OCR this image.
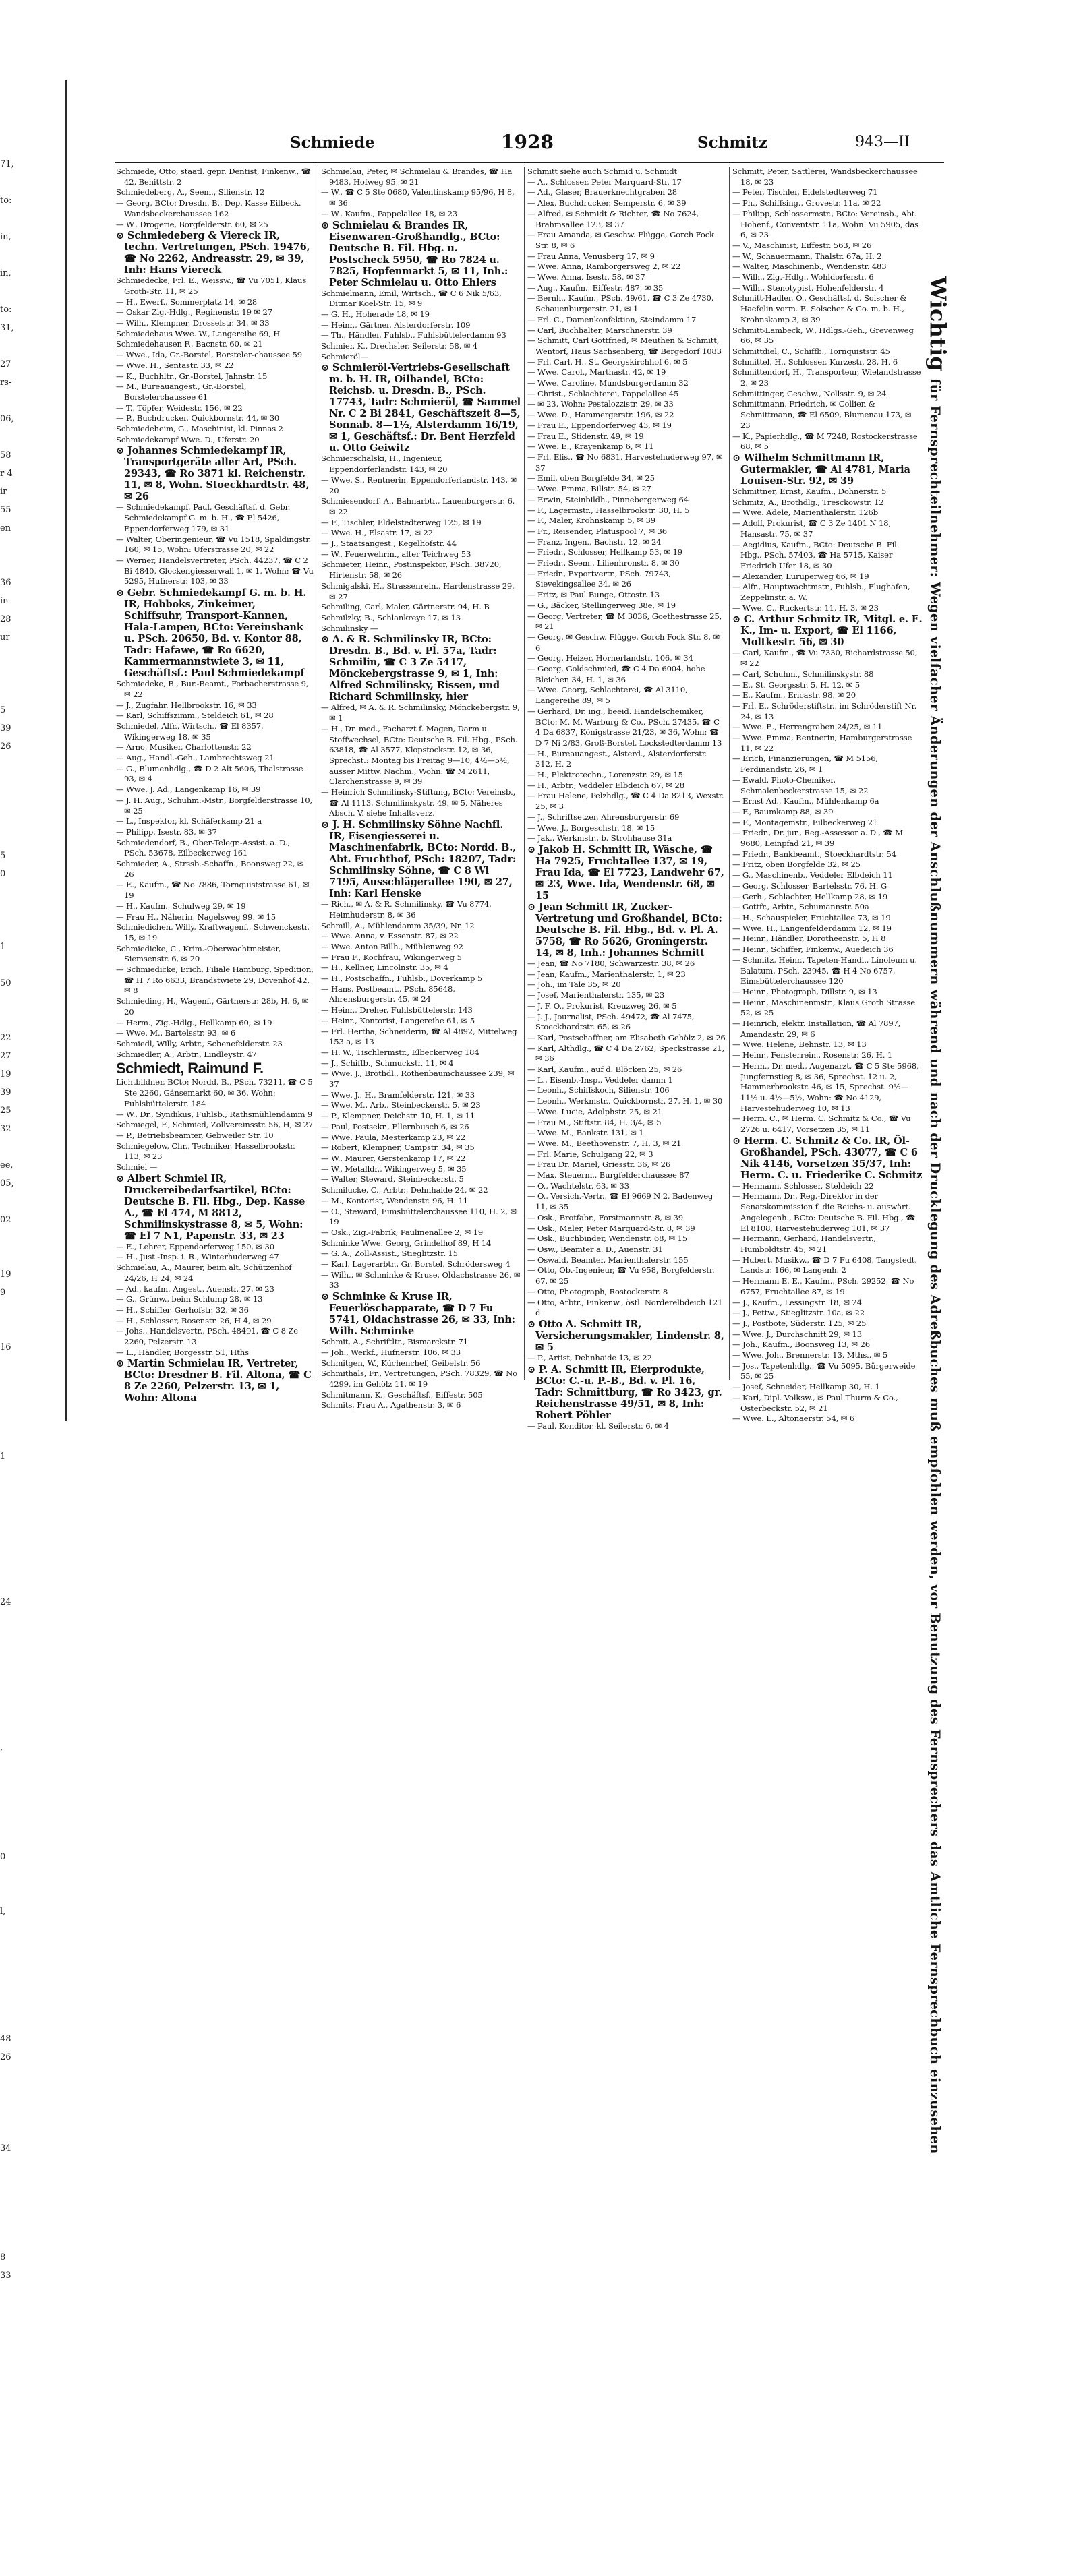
71,

to:

in,

in,

to:
31,

27
rs-

06,

58
r 4
ir
55
en

36
in
28
ur

5
39
26

5
0

1

50

22
27
19
39
25
32

ee,
05,

02

19
9

16

1

24

,

0

l,

48
26

34

8
33

Schmiede	1928	Schmitz	943—II

Schmiede, Otto, staatl. gepr. Dentist, Finkenw., ☎ 42, Benittstr. 2

Schmiedeberg, A., Seem., Silienstr. 12

— Georg, BCto: Dresdn. B., Dep. Kasse Eilbeck. Wandsbeckerchaussee 162

— W., Drogerie, Borgfelderstr. 60, ✉ 25

⊙ Schmiedeberg & Viereck IR, techn. Vertretungen, PSch. 19476, ☎ No 2262, Andreasstr. 29, ✉ 39, Inh: Hans Viereck

Schmiedecke, Frl. E., Weissw., ☎ Vu 7051, Klaus Groth-Str. 11, ✉ 25

— H., Ewerf., Sommerplatz 14, ✉ 28

— Oskar Zig.-Hdlg., Reginenstr. 19 ✉ 27

— Wilh., Klempner, Drosselstr. 34, ✉ 33

Schmiedehaus Wwe. W., Langereihe 69, H

Schmiedehausen F., Bacnstr. 60, ✉ 21

— Wwe., Ida, Gr.-Borstel, Borsteler-chaussee 59

— Wwe. H., Sentastr. 33, ✉ 22

— K., Buchhltr., Gr.-Borstel, Jahnstr. 15

— M., Bureauangest., Gr.-Borstel, Borstelerchaussee 61

— T., Töpfer, Weidestr. 156, ✉ 22

— P., Buchdrucker, Quickbornstr. 44, ✉ 30

Schmiedeheim, G., Maschinist, kl. Pinnas 2

Schmiedekampf Wwe. D., Uferstr. 20

⊙ Johannes Schmiedekampf IR, Transportgeräte aller Art, PSch. 29343, ☎ Ro 3871 kl. Reichenstr. 11, ✉ 8, Wohn. Stoeckhardtstr. 48, ✉ 26

— Schmiedekampf, Paul, Geschäftsf. d. Gebr. Schmiedekampf G. m. b. H., ☎ El 5426, Eppendorferweg 179, ✉ 31

— Walter, Oberingenieur, ☎ Vu 1518, Spaldingstr. 160, ✉ 15, Wohn: Uferstrasse 20, ✉ 22

— Werner, Handelsvertreter, PSch. 44237, ☎ C 2 Bi 4840, Glockengiesserwall 1, ✉ 1, Wohn: ☎ Vu 5295, Hufnerstr. 103, ✉ 33

⊙ Gebr. Schmiedekampf G. m. b. H. IR, Hobboks, Zinkeimer, Schiffsuhr, Transport-Kannen, Hala-Lampen, BCto: Vereinsbank u. PSch. 20650, Bd. v. Kontor 88, Tadr: Hafawe, ☎ Ro 6620, Kammermannstwiete 3, ✉ 11, Geschäftsf.: Paul Schmiedekampf

Schmiedeke, B., Bur.-Beamt., Forbacherstrasse 9, ✉ 22

— J., Zugfahr. Hellbrookstr. 16, ✉ 33

— Karl, Schiffszimm., Steldeich 61, ✉ 28

Schmiedel, Alfr., Wirtsch., ☎ El 8357, Wikingerweg 18, ✉ 35

— Arno, Musiker, Charlottenstr. 22

— Aug., Handl.-Geh., Lambrechtsweg 21

— G., Blumenhdlg., ☎ D 2 Alt 5606, Thalstrasse 93, ✉ 4

— Wwe. J. Ad., Langenkamp 16, ✉ 39

— J. H. Aug., Schuhm.-Mstr., Borgfelderstrasse 10, ✉ 25

— L., Inspektor, kl. Schäferkamp 21 a

— Philipp, Isestr. 83, ✉ 37

Schmiedendorf, B., Ober-Telegr.-Assist. a. D., PSch. 53678, Eilbeckerweg 161

Schmieder, A., Strssb.-Schaffn., Boonsweg 22, ✉ 26

— E., Kaufm., ☎ No 7886, Tornquiststrasse 61, ✉ 19

— H., Kaufm., Schulweg 29, ✉ 19

— Frau H., Näherin, Nagelsweg 99, ✉ 15

Schmiedichen, Willy, Kraftwagenf., Schwenckestr. 15, ✉ 19

Schmiedicke, C., Krim.-Oberwachtmeister, Siemsenstr. 6, ✉ 20

— Schmiedicke, Erich, Filiale Hamburg, Spedition, ☎ H 7 Ro 6633, Brandstwiete 29, Dovenhof 42, ✉ 8

Schmieding, H., Wagenf., Gärtnerstr. 28b, H. 6, ✉ 20

— Herm., Zig.-Hdlg., Hellkamp 60, ✉ 19

— Wwe. M., Bartelsstr. 93, ✉ 6

Schmiedl, Willy, Arbtr., Schenefelderstr. 23

Schmiedler, A., Arbtr., Lindleystr. 47

Schmiedt, Raimund F.

Lichtbildner, BCto: Nordd. B., PSch. 73211, ☎ C 5 Ste 2260, Gänsemarkt 60, ✉ 36, Wohn: Fuhlsbüttelerstr. 184

— W., Dr., Syndikus, Fuhlsb., Rathsmühlendamm 9

Schmiegel, F., Schmied, Zollvereinsstr. 56, H, ✉ 27

— P., Betriebsbeamter, Gebweiler Str. 10

Schmiegelow, Chr., Techniker, Hasselbrookstr. 113, ✉ 23

Schmiel —

⊙ Albert Schmiel IR, Druckereibedarfsartikel, BCto: Deutsche B. Fil. Hbg., Dep. Kasse A., ☎ El 474, M 8812, Schmilinskystrasse 8, ✉ 5, Wohn: ☎ El 7 N1, Papenstr. 33, ✉ 23

— E., Lehrer, Eppendorferweg 150, ✉ 30

— H., Just.-Insp. i. R., Winterhuderweg 47

Schmielau, A., Maurer, beim alt. Schützenhof 24/26, H 24, ✉ 24

— Ad., kaufm. Angest., Auenstr. 27, ✉ 23

— G., Grünw., beim Schlump 28, ✉ 13

— H., Schiffer, Gerhofstr. 32, ✉ 36

— H., Schlosser, Rosenstr. 26, H 4, ✉ 29

— Johs., Handelsvertr., PSch. 48491, ☎ C 8 Ze 2260, Pelzerstr. 13

— L., Händler, Borgesstr. 51, Hths

⊙ Martin Schmielau IR, Vertreter, BCto: Dresdner B. Fil. Altona, ☎ C 8 Ze 2260, Pelzerstr. 13, ✉ 1, Wohn: Altona

Schmielau, Peter, ✉ Schmielau & Brandes, ☎ Ha 9483, Hofweg 95, ✉ 21

— W., ☎ C 5 Ste 0680, Valentinskamp 95/96, H 8, ✉ 36

— W., Kaufm., Pappelallee 18, ✉ 23

⊙ Schmielau & Brandes IR, Eisenwaren-Großhandlg., BCto: Deutsche B. Fil. Hbg. u. Postscheck 5950, ☎ Ro 7824 u. 7825, Hopfenmarkt 5, ✉ 11, Inh.: Peter Schmielau u. Otto Ehlers

Schmielmann, Emil, Wirtsch., ☎ C 6 Nik 5/63, Ditmar Koel-Str. 15, ✉ 9

— G. H., Hoherade 18, ✉ 19

— Heinr., Gärtner, Alsterdorferstr. 109

— Th., Händler, Fuhlsb., Fuhlsbüttelerdamm 93

Schmier, K., Drechsler, Seilerstr. 58, ✉ 4

Schmieröl—

⊙ Schmieröl-Vertriebs-Gesellschaft m. b. H. IR, Oilhandel, BCto: Reichsb. u. Dresdn. B., PSch. 17743, Tadr: Schmieröl, ☎ Sammel Nr. C 2 Bi 2841, Geschäftszeit 8—5, Sonnab. 8—1½, Alsterdamm 16/19, ✉ 1, Geschäftsf.: Dr. Bent Herzfeld u. Otto Geiwitz

Schmierschalski, H., Ingenieur, Eppendorferlandstr. 143, ✉ 20

— Wwe. S., Rentnerin, Eppendorferlandstr. 143, ✉ 20

Schmiesendorf, A., Bahnarbtr., Lauenburgerstr. 6, ✉ 22

— F., Tischler, Eldelstedterweg 125, ✉ 19

— Wwe. H., Elsastr. 17, ✉ 22

— J., Staatsangest., Kegelhofstr. 44

— W., Feuerwehrm., alter Teichweg 53

Schmieter, Heinr., Postinspektor, PSch. 38720, Hirtenstr. 58, ✉ 26

Schmigalski, H., Strassenrein., Hardenstrasse 29, ✉ 27

Schmiling, Carl, Maler, Gärtnerstr. 94, H. B

Schmilzky, B., Schlankreye 17, ✉ 13

Schmilinsky —

⊙ A. & R. Schmilinsky IR, BCto: Dresdn. B., Bd. v. Pl. 57a, Tadr: Schmilin, ☎ C 3 Ze 5417, Mönckebergstrasse 9, ✉ 1, Inh: Alfred Schmilinsky, Rissen, und Richard Schmilinsky, hier

— Alfred, ✉ A. & R. Schmilinsky, Mönckebergstr. 9, ✉ 1

— H., Dr. med., Facharzt f. Magen, Darm u. Stoffwechsel, BCto: Deutsche B. Fil. Hbg., PSch. 63818, ☎ Al 3577, Klopstockstr. 12, ✉ 36, Sprechst.: Montag bis Freitag 9—10, 4½—5½, ausser Mittw. Nachm., Wohn: ☎ M 2611, Clarchenstrasse 9, ✉ 39

— Heinrich Schmilinsky-Stiftung, BCto: Vereinsb., ☎ Al 1113, Schmilinskystr. 49, ✉ 5, Näheres Absch. V. siehe Inhaltsverz.

⊙ J. H. Schmilinsky Söhne Nachfl. IR, Eisengiesserei u. Maschinenfabrik, BCto: Nordd. B., Abt. Fruchthof, PSch: 18207, Tadr: Schmilinsky Söhne, ☎ C 8 Wi 7195, Ausschlägerallee 190, ✉ 27, Inh: Karl Henske

— Rich., ✉ A. & R. Schmilinsky, ☎ Vu 8774, Heimhuderstr. 8, ✉ 36

Schmill, A., Mühlendamm 35/39, Nr. 12

— Wwe. Anna, v. Essenstr. 87, ✉ 22

— Wwe. Anton Billh., Mühlenweg 92

— Frau F., Kochfrau, Wikingerweg 5

— H., Kellner, Lincolnstr. 35, ✉ 4

— H., Postschaffn., Fuhlsb., Doverkamp 5

— Hans, Postbeamt., PSch. 85648, Ahrensburgerstr. 45, ✉ 24

— Heinr., Dreher, Fuhlsbüttelerstr. 143

— Heinr., Kontorist, Langereihe 61, ✉ 5

— Frl. Hertha, Schneiderin, ☎ Al 4892, Mittelweg 153 a, ✉ 13

— H. W., Tischlermstr., Elbeckerweg 184

— J., Schiffb., Schmuckstr. 11, ✉ 4

— Wwe. J., Brothdl., Rothenbaumchaussee 239, ✉ 37

— Wwe. J., H., Bramfelderstr. 121, ✉ 33

— Wwe. M., Arb., Steinbeckerstr. 5, ✉ 23

— P., Klempner, Deichstr. 10, H. 1, ✉ 11

— Paul, Postsekr., Ellernbusch 6, ✉ 26

— Wwe. Paula, Mesterkamp 23, ✉ 22

— Robert, Klempner, Campstr. 34, ✉ 35

— W., Maurer, Gerstenkamp 17, ✉ 22

— W., Metalldr., Wikingerweg 5, ✉ 35

— Walter, Steward, Steinbeckerstr. 5

Schmilucke, C., Arbtr., Dehnhaide 24, ✉ 22

— M., Kontorist, Wendenstr. 96, H. 11

— O., Steward, Eimsbüttelerchaussee 110, H. 2, ✉ 19

— Osk., Zig.-Fabrik, Paulinenallee 2, ✉ 19

Schminke Wwe. Georg, Grindelhof 89, H 14

— G. A., Zoll-Assist., Stieglitzstr. 15

— Karl, Lagerarbtr., Gr. Borstel, Schrödersweg 4

— Wilh., ✉ Schminke & Kruse, Oldachstrasse 26, ✉ 33

⊙ Schminke & Kruse IR, Feuerlöschapparate, ☎ D 7 Fu 5741, Oldachstrasse 26, ✉ 33, Inh: Wilh. Schminke

Schmit, A., Schriftltr., Bismarckstr. 71

— Joh., Werkf., Hufnerstr. 106, ✉ 33

Schmitgen, W., Küchenchef, Geibelstr. 56

Schmithals, Fr., Vertretungen, PSch. 78329, ☎ No 4299, im Gehölz 11, ✉ 19

Schmitmann, K., Geschäftsf., Eiffestr. 505

Schmits, Frau A., Agathenstr. 3, ✉ 6

Schmitt siehe auch Schmid u. Schmidt

— A., Schlosser, Peter Marquard-Str. 17

— Ad., Glaser, Brauerknechtgraben 28

— Alex, Buchdrucker, Semperstr. 6, ✉ 39

— Alfred, ✉ Schmidt & Richter, ☎ No 7624, Brahmsallee 123, ✉ 37

— Frau Amanda, ✉ Geschw. Flügge, Gorch Fock Str. 8, ✉ 6

— Frau Anna, Venusberg 17, ✉ 9

— Wwe. Anna, Ramborgersweg 2, ✉ 22

— Wwe. Anna, Isestr. 58, ✉ 37

— Aug., Kaufm., Eiffestr. 487, ✉ 35

— Bernh., Kaufm., PSch. 49/61, ☎ C 3 Ze 4730, Schauenburgerstr. 21, ✉ 1

— Frl. C., Damenkonfektion, Steindamm 17

— Carl, Buchhalter, Marschnerstr. 39

— Schmitt, Carl Gottfried, ✉ Meuthen & Schmitt, Wentorf, Haus Sachsenberg, ☎ Bergedorf 1083

— Frl. Carl. H., St. Georgskirchhof 6, ✉ 5

— Wwe. Carol., Marthastr. 42, ✉ 19

— Wwe. Caroline, Mundsburgerdamm 32

— Christ., Schlachterei, Pappelallee 45

— ✉ 23, Wohn: Pestalozzistr. 29, ✉ 33

— Wwe. D., Hammergerstr. 196, ✉ 22

— Frau E., Eppendorferweg 43, ✉ 19

— Frau E., Stidenstr. 49, ✉ 19

— Wwe. E., Krayenkamp 6, ✉ 11

— Frl. Elis., ☎ No 6831, Harvestehuderweg 97, ✉ 37

— Emil, oben Borgfelde 34, ✉ 25

— Wwe. Emma, Billstr. 54, ✉ 27

— Erwin, Steinbildh., Pinnebergerweg 64

— F., Lagermstr., Hasselbrookstr. 30, H. 5

— F., Maler, Krohnskamp 5, ✉ 39

— Fr., Reisender, Platuspool 7, ✉ 36

— Franz, Ingen., Bachstr. 12, ✉ 24

— Friedr., Schlosser, Hellkamp 53, ✉ 19

— Friedr., Seem., Lilienhronstr. 8, ✉ 30

— Friedr., Exportvertr., PSch. 79743, Sievekingsallee 34, ✉ 26

— Fritz, ✉ Paul Bunge, Ottostr. 13

— G., Bäcker, Stellingerweg 38e, ✉ 19

— Georg, Vertreter, ☎ M 3036, Goethestrasse 25, ✉ 21

— Georg, ✉ Geschw. Flügge, Gorch Fock Str. 8, ✉ 6

— Georg, Heizer, Hornerlandstr. 106, ✉ 34

— Georg, Goldschmied, ☎ C 4 Da 6004, hohe Bleichen 34, H. 1, ✉ 36

— Wwe. Georg, Schlachterei, ☎ Al 3110, Langereihe 89, ✉ 5

— Gerhard, Dr. ing., beeid. Handelschemiker, BCto: M. M. Warburg & Co., PSch. 27435, ☎ C 4 Da 6837, Königstrasse 21/23, ✉ 36, Wohn: ☎ D 7 Ni 2/83, Groß-Borstel, Lockstedterdamm 13

— H., Bureauangest., Alsterd., Alsterdorferstr. 312, H. 2

— H., Elektrotechn., Lorenzstr. 29, ✉ 15

— H., Arbtr., Veddeler Elbdeich 67, ✉ 28

— Frau Helene, Pelzhdlg., ☎ C 4 Da 8213, Wexstr. 25, ✉ 3

— J., Schriftsetzer, Ahrensburgerstr. 69

— Wwe. J., Borgeschstr. 18, ✉ 15

— Jak., Werkmstr., b. Strohhause 31a

⊙ Jakob H. Schmitt IR, Wäsche, ☎ Ha 7925, Fruchtallee 137, ✉ 19, Frau Ida, ☎ El 7723, Landwehr 67, ✉ 23, Wwe. Ida, Wendenstr. 68, ✉ 15

⊙ Jean Schmitt IR, Zucker-Vertretung und Großhandel, BCto: Deutsche B. Fil. Hbg., Bd. v. Pl. A. 5758, ☎ Ro 5626, Groningerstr. 14, ✉ 8, Inh.: Johannes Schmitt

— Jean, ☎ No 7180, Schwarzestr. 38, ✉ 26

— Jean, Kaufm., Marienthalerstr. 1, ✉ 23

— Joh., im Tale 35, ✉ 20

— Josef, Marienthalerstr. 135, ✉ 23

— J. F. O., Prokurist, Kreuzweg 26, ✉ 5

— J. J., Journalist, PSch. 49472, ☎ Al 7475, Stoeckhardtstr. 65, ✉ 26

— Karl, Postschaffner, am Elisabeth Gehölz 2, ✉ 26

— Karl, Althdlg., ☎ C 4 Da 2762, Speckstrasse 21, ✉ 36

— Karl, Kaufm., auf d. Blöcken 25, ✉ 26

— L., Eisenb.-Insp., Veddeler damm 1

— Leonh., Schiffskoch, Silienstr. 106

— Leonh., Werkmstr., Quickbornstr. 27, H. 1, ✉ 30

— Wwe. Lucie, Adolphstr. 25, ✉ 21

— Frau M., Stiftstr. 84, H. 3/4, ✉ 5

— Wwe. M., Bankstr. 131, ✉ 1

— Wwe. M., Beethovenstr. 7, H. 3, ✉ 21

— Frl. Marie, Schulgang 22, ✉ 3

— Frau Dr. Mariel, Griesstr. 36, ✉ 26

— Max, Steuerm., Burgfelderchaussee 87

— O., Wachtelstr. 63, ✉ 33

— O., Versich.-Vertr., ☎ El 9669 N 2, Badenweg 11, ✉ 35

— Osk., Brotfabr., Forstmannstr. 8, ✉ 39

— Osk., Maler, Peter Marquard-Str. 8, ✉ 39

— Osk., Buchbinder, Wendenstr. 68, ✉ 15

— Osw., Beamter a. D., Auenstr. 31

— Oswald, Beamter, Marienthalerstr. 155

— Otto, Ob.-Ingenieur, ☎ Vu 958, Borgfelderstr. 67, ✉ 25

— Otto, Photograph, Rostockerstr. 8

— Otto, Arbtr., Finkenw., östl. Norderelbdeich 121 d

⊙ Otto A. Schmitt IR, Versicherungsmakler, Lindenstr. 8, ✉ 5

— P., Artist, Dehnhaide 13, ✉ 22

⊙ P. A. Schmitt IR, Eierprodukte, BCto: C.-u. P.-B., Bd. v. Pl. 16, Tadr: Schmittburg, ☎ Ro 3423, gr. Reichenstrasse 49/51, ✉ 8, Inh: Robert Pöhler

— Paul, Konditor, kl. Seilerstr. 6, ✉ 4

Schmitt, Peter, Sattlerei, Wandsbeckerchaussee 18, ✉ 23

— Peter, Tischler, Eldelstedterweg 71

— Ph., Schiffsing., Grovestr. 11a, ✉ 22

— Philipp, Schlossermstr., BCto: Vereinsb., Abt. Hohenf., Conventstr. 11a, Wohn: Vu 5905, das 6, ✉ 23

— V., Maschinist, Eiffestr. 563, ✉ 26

— W., Schauermann, Thalstr. 67a, H. 2

— Walter, Maschinenb., Wendenstr. 483

— Wilh., Zig.-Hdlg., Wohldorferstr. 6

— Wilh., Stenotypist, Hohenfelderstr. 4

Schmitt-Hadler, O., Geschäftsf. d. Solscher & Haefelin vorm. E. Solscher & Co. m. b. H., Krohnskamp 3, ✉ 39

Schmitt-Lambeck, W., Hdlgs.-Geh., Grevenweg 66, ✉ 35

Schmittdiel, C., Schiffb., Tornquiststr. 45

Schmittel, H., Schlosser, Kurzestr. 28, H. 6

Schmittendorf, H., Transporteur, Wielandstrasse 2, ✉ 23

Schmittinger, Geschw., Nollsstr. 9, ✉ 24

Schmittmann, Friedrich, ✉ Collien & Schmittmann, ☎ El 6509, Blumenau 173, ✉ 23

— K., Papierhdlg., ☎ M 7248, Rostockerstrasse 68, ✉ 5

⊙ Wilhelm Schmittmann IR, Gutermakler, ☎ Al 4781, Maria Louisen-Str. 92, ✉ 39

Schmittner, Ernst, Kaufm., Dohnerstr. 5

Schmitz, A., Brothdlg., Tresckowstr. 12

— Wwe. Adele, Marienthalerstr. 126b

— Adolf, Prokurist, ☎ C 3 Ze 1401 N 18, Hansastr. 75, ✉ 37

— Aegidius, Kaufm., BCto: Deutsche B. Fil. Hbg., PSch. 57403, ☎ Ha 5715, Kaiser Friedrich Ufer 18, ✉ 30

— Alexander, Luruperweg 66, ✉ 19

— Alfr., Hauptwachtmstr., Fuhlsb., Flughafen, Zeppelinstr. a. W.

— Wwe. C., Ruckertstr. 11, H. 3, ✉ 23

⊙ C. Arthur Schmitz IR, Mitgl. e. E. K., Im- u. Export, ☎ El 1166, Moltkestr. 56, ✉ 30

— Carl, Kaufm., ☎ Vu 7330, Richardstrasse 50, ✉ 22

— Carl, Schuhm., Schmilinskystr. 88

— E., St. Georgsstr. 5, H. 12, ✉ 5

— E., Kaufm., Ericastr. 98, ✉ 20

— Frl. E., Schröderstiftstr., im Schröderstift Nr. 24, ✉ 13

— Wwe. E., Herrengraben 24/25, ✉ 11

— Wwe. Emma, Rentnerin, Hamburgerstrasse 11, ✉ 22

— Erich, Finanzierungen, ☎ M 5156, Ferdinandstr. 26, ✉ 1

— Ewald, Photo-Chemiker, Schmalenbeckerstrasse 15, ✉ 22

— Ernst Ad., Kaufm., Mühlenkamp 6a

— F., Baumkamp 88, ✉ 39

— F., Montagemstr., Eilbeckerweg 21

— Friedr., Dr. jur., Reg.-Assessor a. D., ☎ M 9680, Leinpfad 21, ✉ 39

— Friedr., Bankbeamt., Stoeckhardtstr. 54

— Fritz, oben Borgfelde 32, ✉ 25

— G., Maschinenb., Veddeler Elbdeich 11

— Georg, Schlosser, Bartelsstr. 76, H. G

— Gerh., Schlachter, Hellkamp 28, ✉ 19

— Gottfr., Arbtr., Schumannstr. 50a

— H., Schauspieler, Fruchtallee 73, ✉ 19

— Wwe. H., Langenfelderdamm 12, ✉ 19

— Heinr., Händler, Dorotheenstr. 5, H 8

— Heinr., Schiffer, Finkenw., Auedeich 36

— Schmitz, Heinr., Tapeten-Handl., Linoleum u. Balatum, PSch. 23945, ☎ H 4 No 6757, Eimsbüttelerchaussee 120

— Heinr., Photograph, Dillstr. 9, ✉ 13

— Heinr., Maschinenmstr., Klaus Groth Strasse 52, ✉ 25

— Heinrich, elektr. Installation, ☎ Al 7897, Amandastr. 29, ✉ 6

— Wwe. Helene, Behnstr. 13, ✉ 13

— Heinr., Fensterrein., Rosenstr. 26, H. 1

— Herm., Dr. med., Augenarzt, ☎ C 5 Ste 5968, Jungfernstieg 8, ✉ 36, Sprechst. 12 u. 2, Hammerbrookstr. 46, ✉ 15, Sprechst. 9½—11½ u. 4½—5½, Wohn: ☎ No 4129, Harvestehuderweg 10, ✉ 13

— Herm. C., ✉ Herm. C. Schmitz & Co., ☎ Vu 2726 u. 6417, Vorsetzen 35, ✉ 11

⊙ Herm. C. Schmitz & Co. IR, Öl-Großhandel, PSch. 43077, ☎ C 6 Nik 4146, Vorsetzen 35/37, Inh: Herm. C. u. Friederike C. Schmitz

— Hermann, Schlosser, Steldeich 22

— Hermann, Dr., Reg.-Direktor in der Senatskommission f. die Reichs- u. auswärt. Angelegenh., BCto: Deutsche B. Fil. Hbg., ☎ El 8108, Harvestehuderweg 101, ✉ 37

— Hermann, Gerhard, Handelsvertr., Humboldtstr. 45, ✉ 21

— Hubert, Musikw., ☎ D 7 Fu 6408, Tangstedt. Landstr. 166, ✉ Langenh. 2

— Hermann E. E., Kaufm., PSch. 29252, ☎ No 6757, Fruchtallee 87, ✉ 19

— J., Kaufm., Lessingstr. 18, ✉ 24

— J., Fettw., Stieglitzstr. 10a, ✉ 22

— J., Postbote, Süderstr. 125, ✉ 25

— Wwe. J., Durchschnitt 29, ✉ 13

— Joh., Kaufm., Boonsweg 13, ✉ 26

— Wwe. Joh., Brennerstr. 13, Mths., ✉ 5

— Jos., Tapetenhdlg., ☎ Vu 5095, Bürgerweide 55, ✉ 25

— Josef, Schneider, Hellkamp 30, H. 1

— Karl, Dipl. Volksw., ✉ Paul Thurm & Co., Osterbeckstr. 52, ✉ 21

— Wwe. L., Altonaerstr. 54, ✉ 6

Wichtigfür Fernsprechteilnehmer: Wegen vielfacher Änderungen der Anschlußnummern während und nach der Drucklegung des Adreßbuches muß empfohlen werden, vor Benutzung des Fernsprechers das Amtliche Fernsprechbuch einzusehen
